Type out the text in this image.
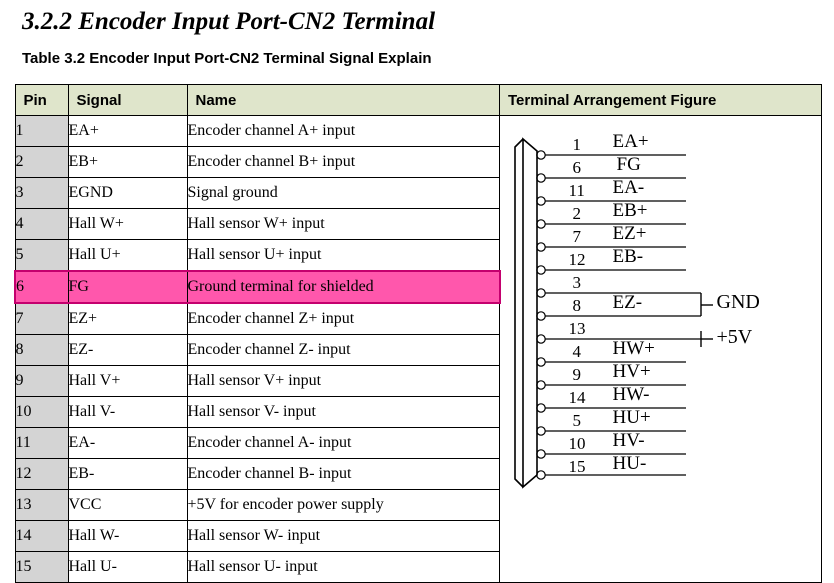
3.2.2 Encoder Input Port-CN2 Terminal
Table 3.2 Encoder Input Port-CN2 Terminal Signal Explain
Pin	Signal	Name	Terminal Arrangement Figure
1	EA+	Encoder channel A+ input	
1
6
11
2
7
12
3
8
13
4
9
14
5
10
15
EA+
FG
EA-
EB+
EZ+
EB-
EZ-
HW+
HV+
HW-
HU+
HV-
HU-
GND
+5V

2	EB+	Encoder channel B+ input	
3	EGND	Signal ground	
4	Hall W+	Hall sensor W+ input	
5	Hall U+	Hall sensor U+ input	
6	FG	Ground terminal for shielded	
7	EZ+	Encoder channel Z+ input	
8	EZ-	Encoder channel Z- input	
9	Hall V+	Hall sensor V+ input	
10	Hall V-	Hall sensor V- input	
11	EA-	Encoder channel A- input	
12	EB-	Encoder channel B- input	
13	VCC	+5V for encoder power supply	
14	Hall W-	Hall sensor W- input	
15	Hall U-	Hall sensor U- input	
